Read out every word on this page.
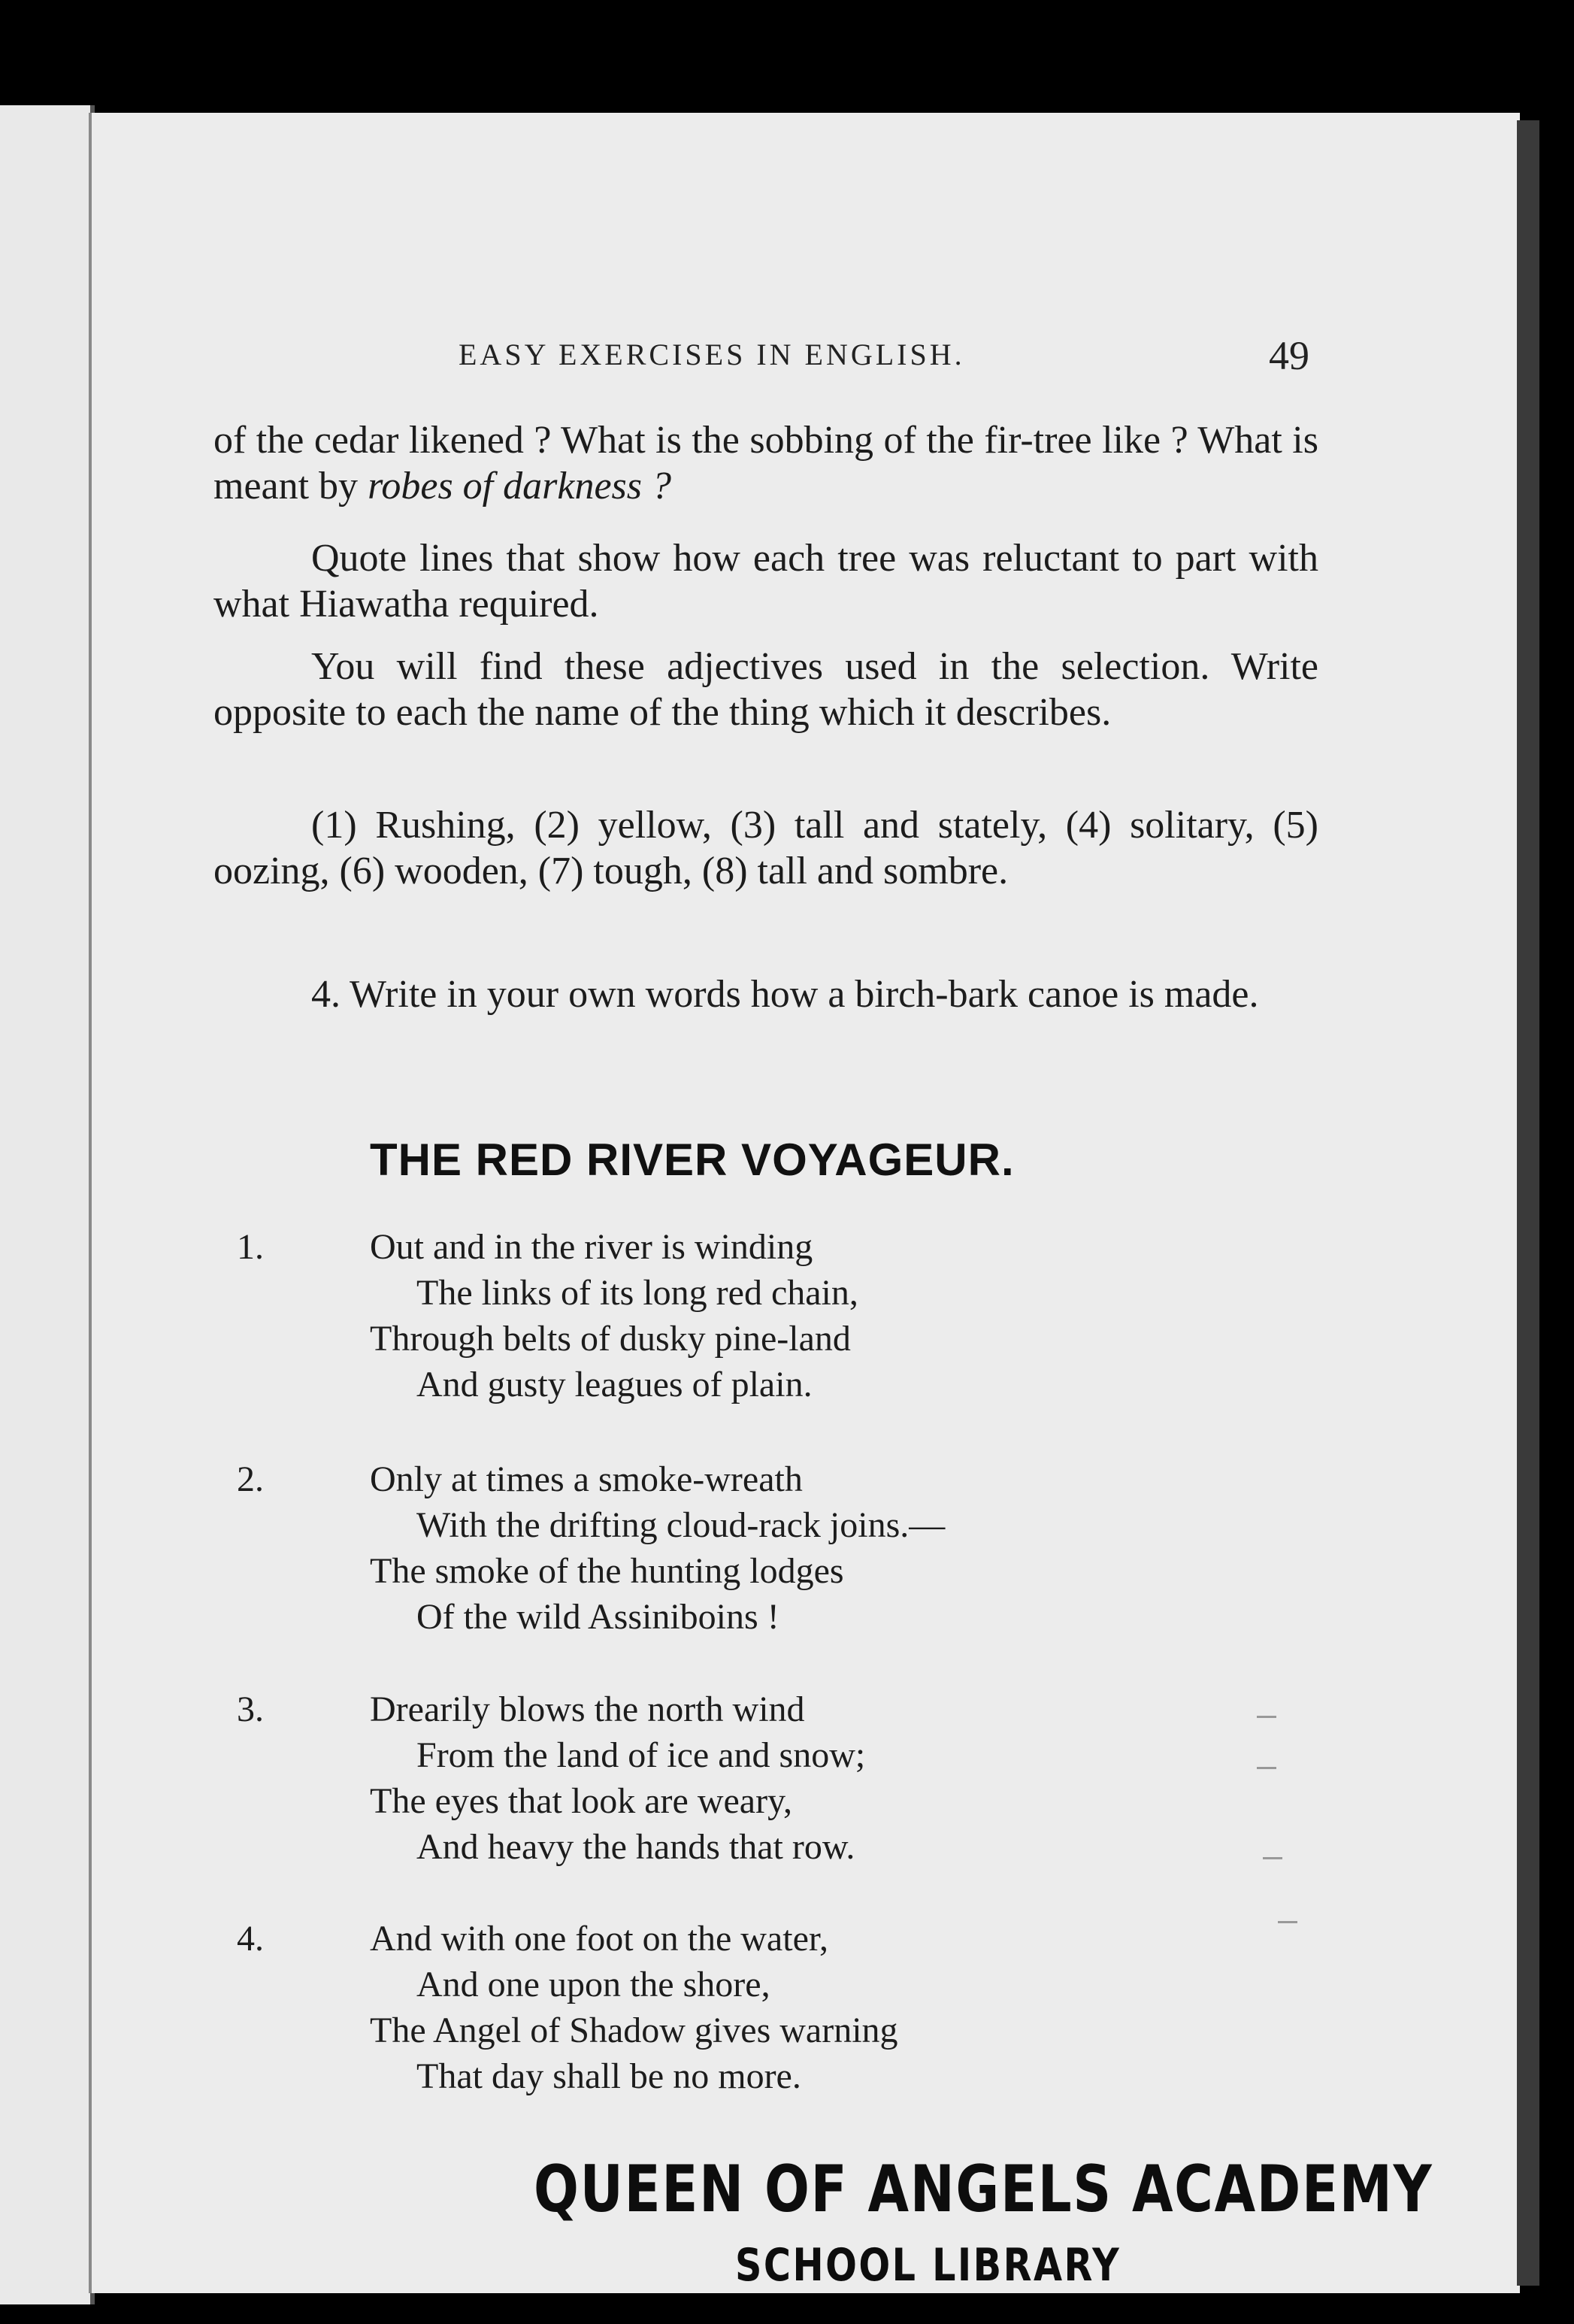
EASY EXERCISES IN ENGLISH.	49

of the cedar likened ? What is the sobbing of the fir-tree like ? What is meant by robes of darkness ?

Quote lines that show how each tree was reluctant to part with what Hiawatha required.

You will find these adjectives used in the selection. Write opposite to each the name of the thing which it describes.

(1) Rushing, (2) yellow, (3) tall and stately, (4) solitary, (5) oozing, (6) wooden, (7) tough, (8) tall and sombre.

4. Write in your own words how a birch-bark canoe is made.

THE RED RIVER VOYAGEUR.
1.	Out and in the river is winding
The links of its long red chain,
Through belts of dusky pine-land
And gusty leagues of plain.
2.	Only at times a smoke-wreath
With the drifting cloud-rack joins.—
The smoke of the hunting lodges
Of the wild Assiniboins !
3.	Drearily blows the north wind
From the land of ice and snow;
The eyes that look are weary,
And heavy the hands that row.
4.	And with one foot on the water,
And one upon the shore,
The Angel of Shadow gives warning
That day shall be no more.
QUEEN OF ANGELS ACADEMY
SCHOOL LIBRARY
